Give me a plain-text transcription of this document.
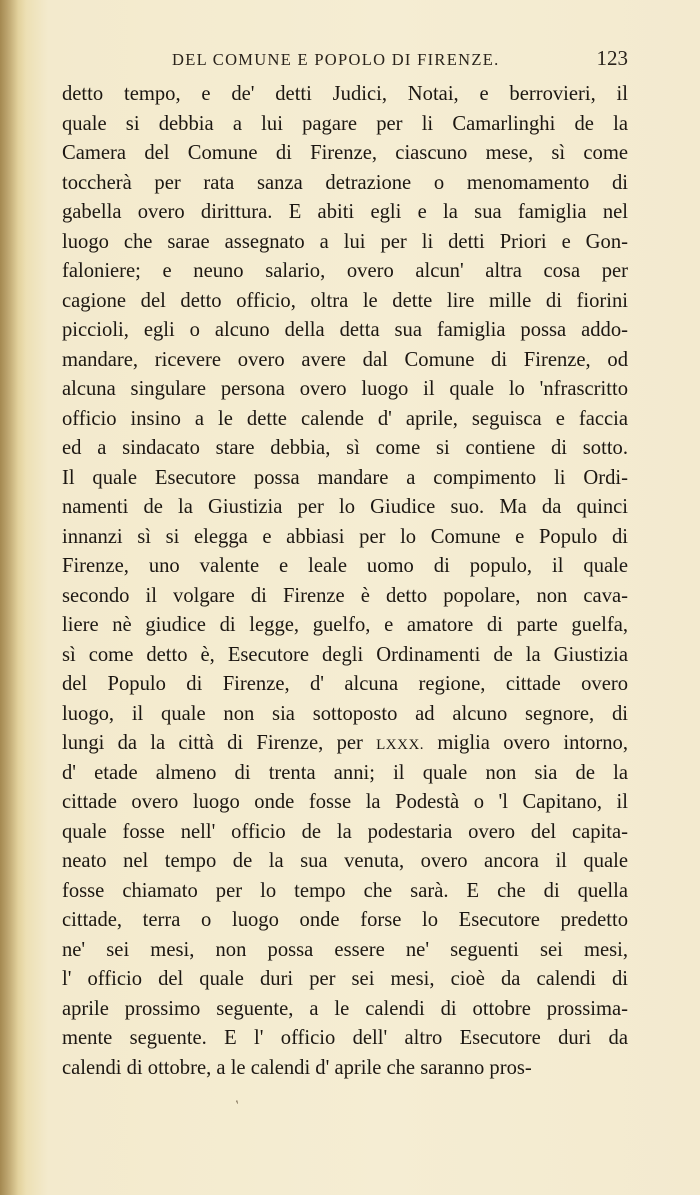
DEL COMUNE E POPOLO DI FIRENZE.	123
detto tempo, e de' detti Judici, Notai, e berrovieri, il
quale si debbia a lui pagare per li Camarlinghi de la
Camera del Comune di Firenze, ciascuno mese, sì come
toccherà per rata sanza detrazione o menomamento di
gabella overo dirittura. E abiti egli e la sua famiglia nel
luogo che sarae assegnato a lui per li detti Priori e Gon-
faloniere; e neuno salario, overo alcun' altra cosa per
cagione del detto officio, oltra le dette lire mille di fiorini
piccioli, egli o alcuno della detta sua famiglia possa addo-
mandare, ricevere overo avere dal Comune di Firenze, od
alcuna singulare persona overo luogo il quale lo 'nfrascritto
officio insino a le dette calende d' aprile, seguisca e faccia
ed a sindacato stare debbia, sì come si contiene di sotto.
Il quale Esecutore possa mandare a compimento li Ordi-
namenti de la Giustizia per lo Giudice suo. Ma da quinci
innanzi sì si elegga e abbiasi per lo Comune e Populo di
Firenze, uno valente e leale uomo di populo, il quale
secondo il volgare di Firenze è detto popolare, non cava-
liere nè giudice di legge, guelfo, e amatore di parte guelfa,
sì come detto è, Esecutore degli Ordinamenti de la Giustizia
del Populo di Firenze, d' alcuna regione, cittade overo
luogo, il quale non sia sottoposto ad alcuno segnore, di
lungi da la città di Firenze, per LXXX. miglia overo intorno,
d' etade almeno di trenta anni; il quale non sia de la
cittade overo luogo onde fosse la Podestà o 'l Capitano, il
quale fosse nell' officio de la podestaria overo del capita-
neato nel tempo de la sua venuta, overo ancora il quale
fosse chiamato per lo tempo che sarà. E che di quella
cittade, terra o luogo onde forse lo Esecutore predetto
ne' sei mesi, non possa essere ne' seguenti sei mesi,
l' officio del quale duri per sei mesi, cioè da calendi di
aprile prossimo seguente, a le calendi di ottobre prossima-
mente seguente. E l' officio dell' altro Esecutore duri da
calendi di ottobre, a le calendi d' aprile che saranno pros-
ʹ
